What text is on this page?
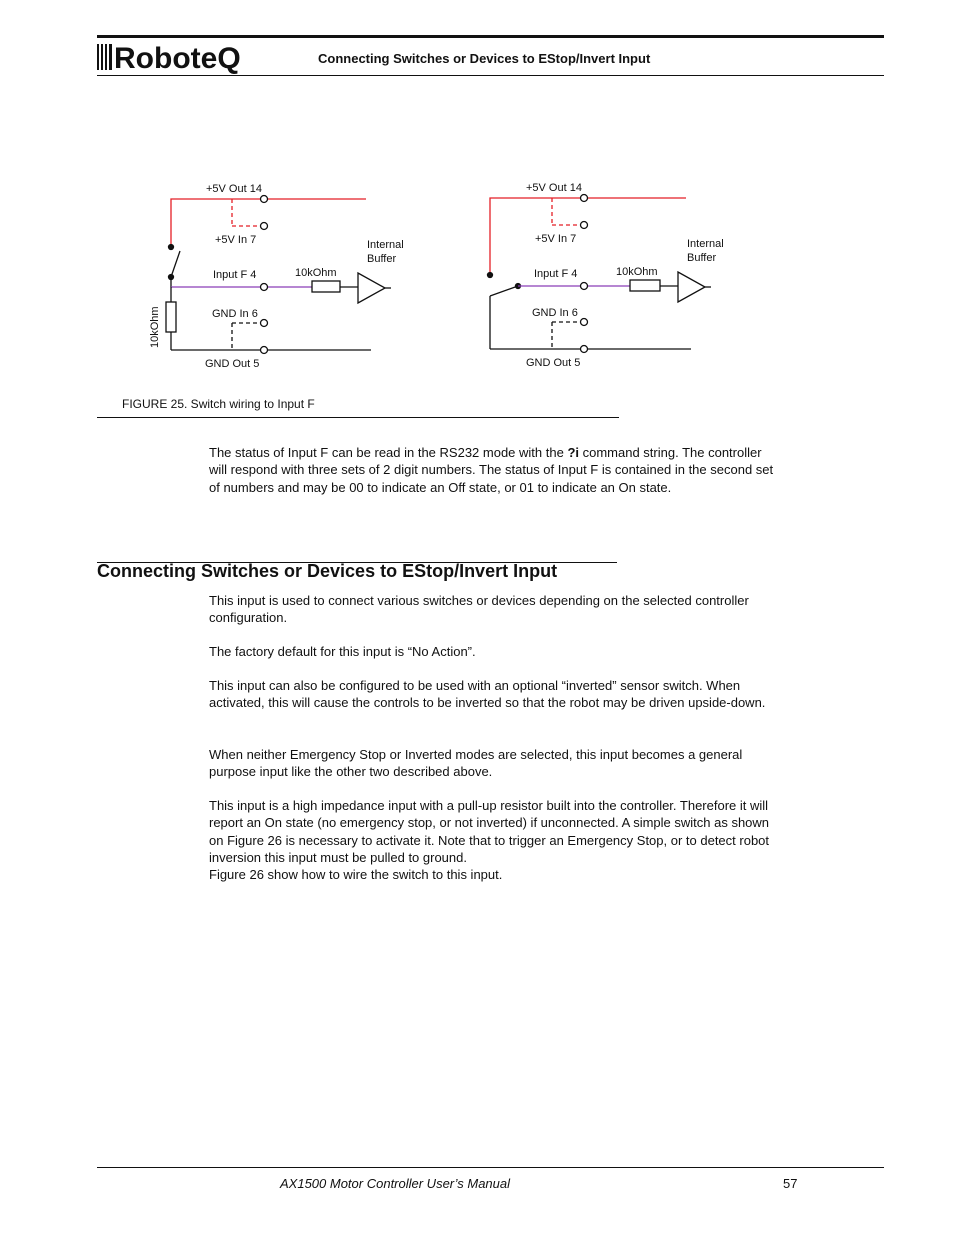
RoboteQ	Connecting Switches or Devices to EStop/Invert Input
+5V Out 14
+5V In 7
Input F 4
GND In 6
GND Out 5
10kOhm
Internal
Buffer
10kOhm
+5V Out 14
+5V In 7
Input F 4
GND In 6
GND Out 5
10kOhm
Internal
Buffer
FIGURE 25. Switch wiring to Input F
The status of Input F can be read in the RS232 mode with the ?i command string. The controller will respond with three sets of 2 digit numbers. The status of Input F is contained in the second set of numbers and may be 00 to indicate an Off state, or 01 to indicate an On state.
Connecting Switches or Devices to EStop/Invert Input
This input is used to connect various switches or devices depending on the selected controller configuration.
The factory default for this input is “No Action”.
This input can also be configured to be used with an optional “inverted” sensor switch. When activated, this will cause the controls to be inverted so that the robot may be driven upside-down.
When neither Emergency Stop or Inverted modes are selected, this input becomes a general purpose input like the other two described above.
This input is a high impedance input with a pull-up resistor built into the controller. Therefore it will report an On state (no emergency stop, or not inverted) if unconnected. A simple switch as shown on Figure 26 is necessary to activate it. Note that to trigger an Emergency Stop, or to detect robot inversion this input must be pulled to ground.
Figure 26 show how to wire the switch to this input.
AX1500 Motor Controller User’s Manual	57
